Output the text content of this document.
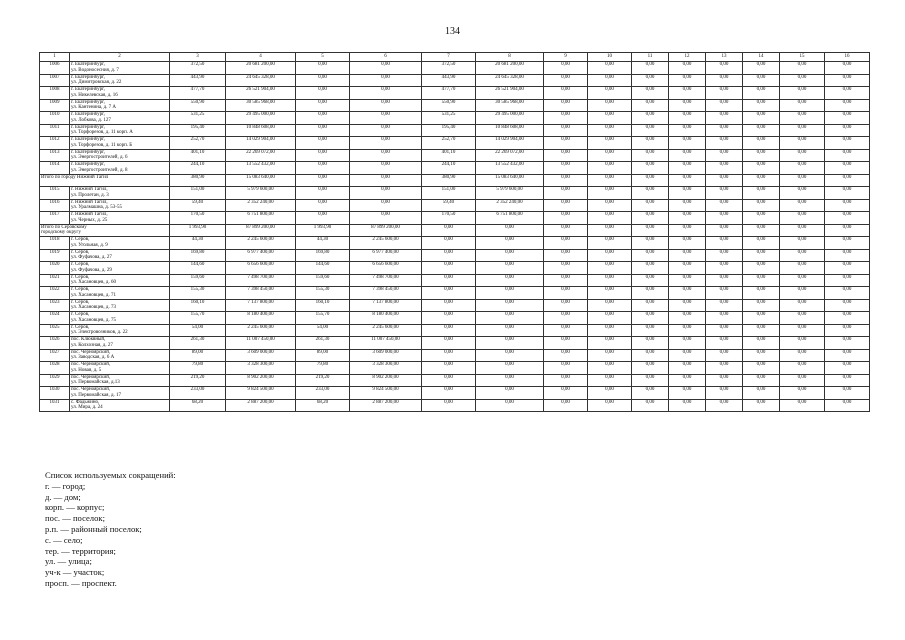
134
1	2	3	4	5	6	7	8	9	10	11	12	13	14	15	16
1006	г. Екатеринбург,
ул. Водоносесния, д. 7	372,50	20 681 200,00	0,00	0,00	372,50	20 681 200,00	0,00	0,00	0,00	0,00	0,00	0,00	0,00	0,00
1007	г. Екатеринбург,
ул. Димитровская, д. 22	443,90	24 645 328,00	0,00	0,00	443,90	24 645 328,00	0,00	0,00	0,00	0,00	0,00	0,00	0,00	0,00
1008	г. Екатеринбург,
ул. Никелевская, д. 16	477,70	26 521 904,00	0,00	0,00	477,70	26 521 904,00	0,00	0,00	0,00	0,00	0,00	0,00	0,00	0,00
1009	г. Екатеринбург,
ул. Кантенина, д. 7 А	550,90	30 585 968,00	0,00	0,00	550,90	30 585 968,00	0,00	0,00	0,00	0,00	0,00	0,00	0,00	0,00
1010	г. Екатеринбург,
ул. Лобкова, д. 127	531,25	29 495 000,00	0,00	0,00	531,25	29 495 000,00	0,00	0,00	0,00	0,00	0,00	0,00	0,00	0,00
1011	г. Екатеринбург,
ул. Торфорезов, д. 11 корп. А	195,40	10 848 608,00	0,00	0,00	195,40	10 848 608,00	0,00	0,00	0,00	0,00	0,00	0,00	0,00	0,00
1012	г. Екатеринбург,
ул. Торфорезов, д. 11 корп. Б	252,70	14 029 904,00	0,00	0,00	252,70	14 029 904,00	0,00	0,00	0,00	0,00	0,00	0,00	0,00	0,00
1013	г. Екатеринбург,
ул. Энергостроителей, д. 6	401,10	22 269 072,00	0,00	0,00	401,10	22 269 072,00	0,00	0,00	0,00	0,00	0,00	0,00	0,00	0,00
1014	г. Екатеринбург,
ул. Энергостроителей, д. 8	244,10	13 552 432,00	0,00	0,00	244,10	13 552 432,00	0,00	0,00	0,00	0,00	0,00	0,00	0,00	0,00

Итого по городу Нижний Тагил		380,90	15 083 640,00	0,00	0,00	380,90	15 083 640,00	0,00	0,00	0,00	0,00	0,00	0,00	0,00	0,00
1015	г. Нижний Тагил,
ул. Пролетан, д. 3	151,00	5 979 600,00	0,00	0,00	151,00	5 979 600,00	0,00	0,00	0,00	0,00	0,00	0,00	0,00	0,00
1016	г. Нижний Тагил,
ул. Уралмашна, д. 53-55	59,40	2 352 240,00	0,00	0,00	59,40	2 352 240,00	0,00	0,00	0,00	0,00	0,00	0,00	0,00	0,00
1017	г. Нижний Тагил,
ул. Черных, д. 25	170,50	6 751 800,00	0,00	0,00	170,50	6 751 800,00	0,00	0,00	0,00	0,00	0,00	0,00	0,00	0,00

Итого по Серовскому
городскому округу		1 993,90	87 899 200,00	1 993,90	87 899 200,00	0,00	0,00	0,00	0,00	0,00	0,00	0,00	0,00	0,00	0,00
1018	г. Серов,
ул. Угольная, д. 9	44,30	2 245 600,00	44,30	2 245 600,00	0,00	0,00	0,00	0,00	0,00	0,00	0,00	0,00	0,00	0,00
1019	г. Серов,
ул. Фуфачова, д. 27	169,80	6 977 400,00	169,80	6 977 400,00	0,00	0,00	0,00	0,00	0,00	0,00	0,00	0,00	0,00	0,00
1020	г. Серов,
ул. Фуфачова, д. 29	144,60	6 656 600,00	144,60	6 656 600,00	0,00	0,00	0,00	0,00	0,00	0,00	0,00	0,00	0,00	0,00
1021	г. Серов,
ул. Хасановцев, д. 60	159,60	7 498 700,00	159,60	7 498 700,00	0,00	0,00	0,00	0,00	0,00	0,00	0,00	0,00	0,00	0,00
1022	г. Серов,
ул. Хасановцев, д. 71	155,30	7 398 450,00	155,30	7 398 450,00	0,00	0,00	0,00	0,00	0,00	0,00	0,00	0,00	0,00	0,00
1023	г. Серов,
ул. Хасановцев, д. 73	160,10	7 137 800,00	160,10	7 137 800,00	0,00	0,00	0,00	0,00	0,00	0,00	0,00	0,00	0,00	0,00
1024	г. Серов,
ул. Хасановцев, д. 75	155,70	8 180 400,00	155,70	8 180 400,00	0,00	0,00	0,00	0,00	0,00	0,00	0,00	0,00	0,00	0,00
1025	г. Серов,
ул. Электровозников, д. 22	54,00	2 245 600,00	54,00	2 245 600,00	0,00	0,00	0,00	0,00	0,00	0,00	0,00	0,00	0,00	0,00
1026	пос. Клюквный,
ул. Колхозная, д. 27	261,30	11 007 450,00	261,30	11 007 450,00	0,00	0,00	0,00	0,00	0,00	0,00	0,00	0,00	0,00	0,00
1027	пос. Черноярский,
ул. Заводская, д. 6 А	89,00	3 609 000,00	89,00	3 609 000,00	0,00	0,00	0,00	0,00	0,00	0,00	0,00	0,00	0,00	0,00
1028	пос. Черноярский,
ул. Новая, д. 5	79,80	3 328 300,00	79,80	3 328 300,00	0,00	0,00	0,00	0,00	0,00	0,00	0,00	0,00	0,00	0,00
1029	пос. Черноярский,
ул. Первомайская, д.13	219,20	8 902 200,00	219,20	8 902 200,00	0,00	0,00	0,00	0,00	0,00	0,00	0,00	0,00	0,00	0,00
1030	пос. Черноярский,
ул. Первомайская, д. 17	233,00	9 824 500,00	233,00	9 824 500,00	0,00	0,00	0,00	0,00	0,00	0,00	0,00	0,00	0,00	0,00
1031	с. Фадьжино,
ул. Мира, д. 24	68,20	2 887 200,00	68,20	2 887 200,00	0,00	0,00	0,00	0,00	0,00	0,00	0,00	0,00	0,00	0,00
Список используемых сокращений:
г. — город;
д. — дом;
корп. — корпус;
пос. — поселок;
р.п. — районный поселок;
с. — село;
тер. — территория;
ул. — улица;
уч-к — участок;
просп. — проспект.
